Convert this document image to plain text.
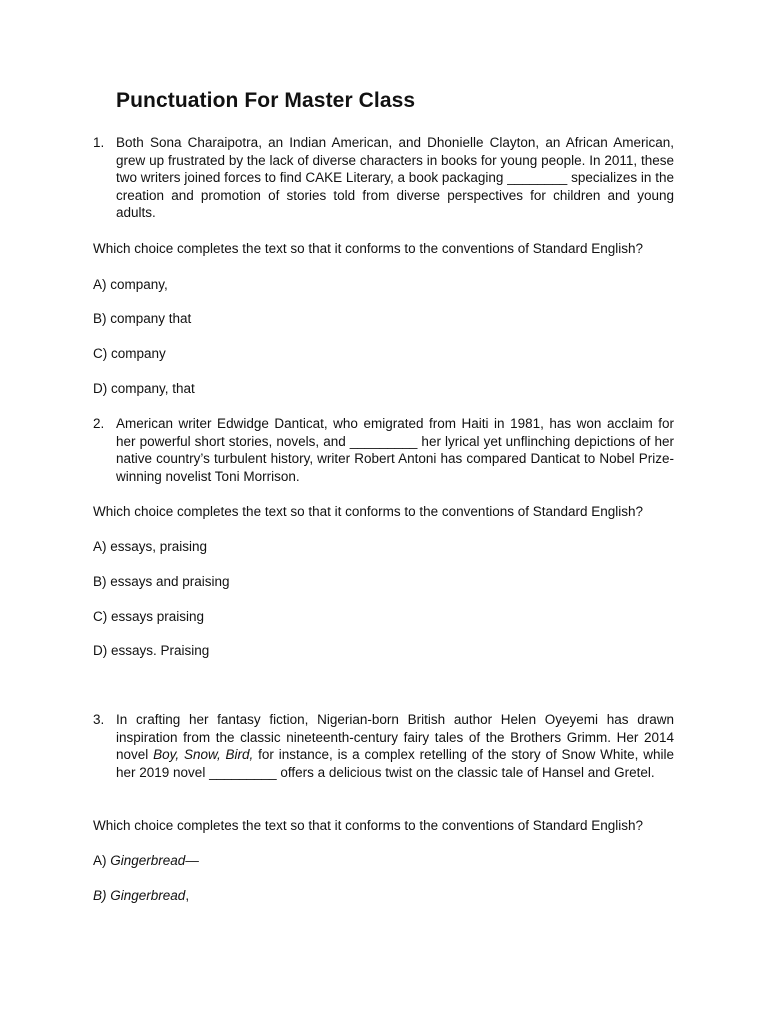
Punctuation For Master Class
1. Both Sona Charaipotra, an Indian American, and Dhonielle Clayton, an African American, grew up frustrated by the lack of diverse characters in books for young people. In 2011, these two writers joined forces to find CAKE Literary, a book packaging ________ specializes in the creation and promotion of stories told from diverse perspectives for children and young adults.

Which choice completes the text so that it conforms to the conventions of Standard English?

A) company,

B) company that

C) company

D) company, that

2. American writer Edwidge Danticat, who emigrated from Haiti in 1981, has won acclaim for her powerful short stories, novels, and _________ her lyrical yet unflinching depictions of her native country’s turbulent history, writer Robert Antoni has compared Danticat to Nobel Prize-winning novelist Toni Morrison.

Which choice completes the text so that it conforms to the conventions of Standard English?

A) essays, praising

B) essays and praising

C) essays praising

D) essays. Praising

3. In crafting her fantasy fiction, Nigerian-born British author Helen Oyeyemi has drawn inspiration from the classic nineteenth-century fairy tales of the Brothers Grimm. Her 2014 novel Boy, Snow, Bird, for instance, is a complex retelling of the story of Snow White, while her 2019 novel _________ offers a delicious twist on the classic tale of Hansel and Gretel.

Which choice completes the text so that it conforms to the conventions of Standard English?

A) Gingerbread—

B) Gingerbread,
